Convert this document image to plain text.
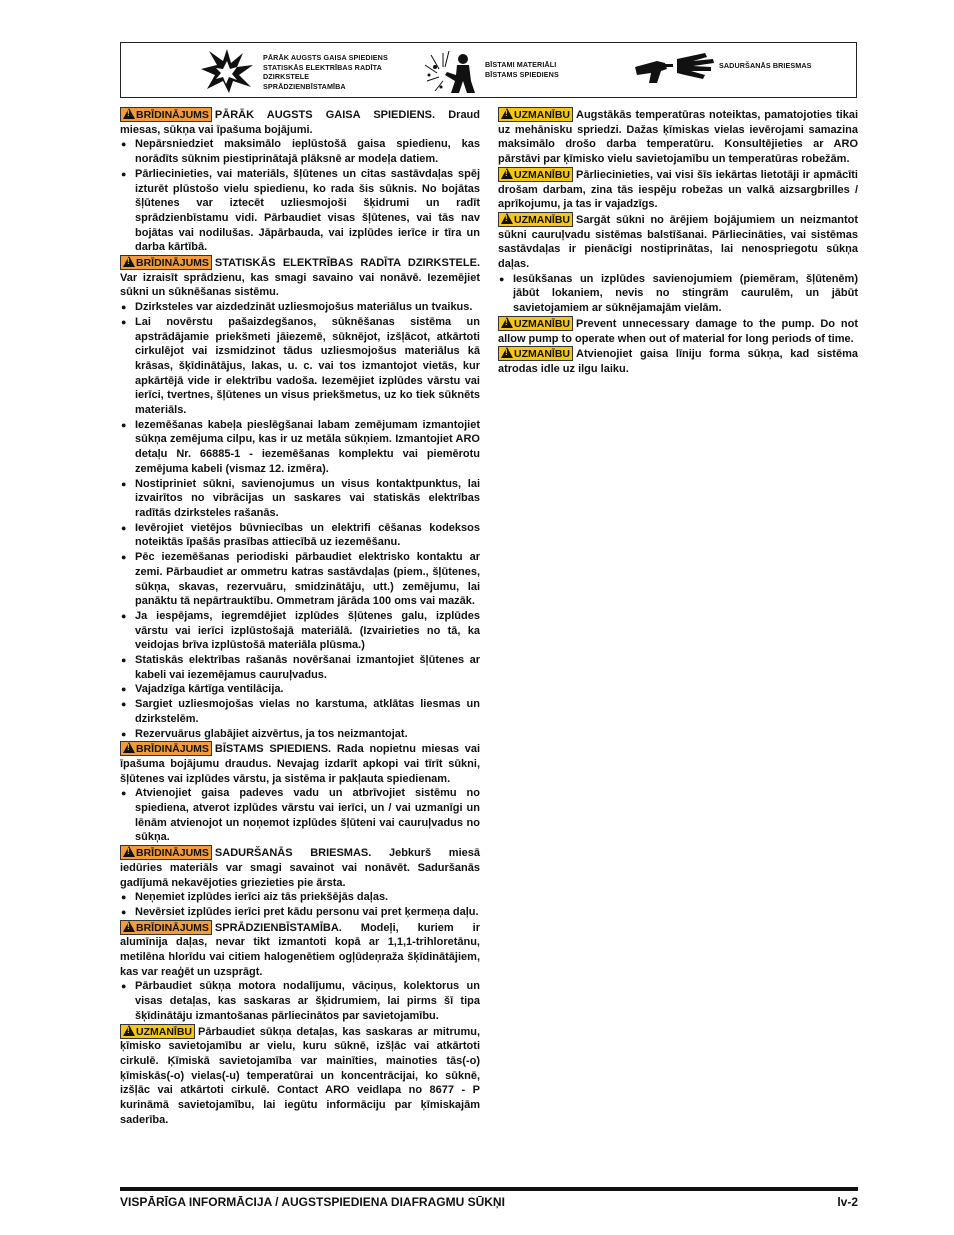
PĀRĀK AUGSTS GAISA SPIEDIENS
STATISKĀS ELEKTRĪBAS RADĪTA
DZIRKSTELE
SPRĀDZIENBĪSTAMĪBA
BĪSTAMI MATERIĀLI
BĪSTAMS SPIEDIENS
SADURŠANĀS BRIESMAS

!BRĪDINĀJUMS PĀRĀK AUGSTS GAISA SPIEDIENS. Draud miesas, sūkņa vai īpašuma bojājumi.

● Nepārsniedziet maksimālo ieplūstošā gaisa spiedienu, kas norādīts sūknim piestiprinātajā plāksnē ar modeļa datiem.
● Pārliecinieties, vai materiāls, šļūtenes un citas sastāvdaļas spēj izturēt plūstošo vielu spiedienu, ko rada šis sūknis. No bojātas šļūtenes var iztecēt uzliesmojoši šķidrumi un radīt sprādzienbīstamu vidi. Pārbaudiet visas šļūtenes, vai tās nav bojātas vai nodilušas. Jāpārbauda, vai izplūdes ierīce ir tīra un darba kārtībā.

!BRĪDINĀJUMS STATISKĀS ELEKTRĪBAS RADĪTA DZIRKSTELE. Var izraisīt sprādzienu, kas smagi savaino vai nonāvē. Iezemējiet sūkni un sūknēšanas sistēmu.

● Dzirksteles var aizdedzināt uzliesmojošus materiālus un tvaikus.
● Lai novērstu pašaizdegšanos, sūknēšanas sistēma un apstrādājamie priekšmeti jāiezemē, sūknējot, izšļācot, atkārtoti cirkulējot vai izsmidzinot tādus uzliesmojošus materiālus kā krāsas, šķīdinātājus, lakas, u. c. vai tos izmantojot vietās, kur apkārtējā vide ir elektrību vadoša. Iezemējiet izplūdes vārstu vai ierīci, tvertnes, šļūtenes un visus priekšmetus, uz ko tiek sūknēts materiāls.
● Iezemēšanas kabeļa pieslēgšanai labam zemējumam izmantojiet sūkņa zemējuma cilpu, kas ir uz metāla sūkņiem. Izmantojiet ARO detaļu Nr. 66885-1 - iezemēšanas komplektu vai piemērotu zemējuma kabeli (vismaz 12. izmēra).
● Nostipriniet sūkni, savienojumus un visus kontaktpunktus, lai izvairītos no vibrācijas un saskares vai statiskās elektrības radītās dzirksteles rašanās.
● Ievērojiet vietējos būvniecības un elektrifi cēšanas kodeksos noteiktās īpašās prasības attiecībā uz iezemēšanu.
● Pēc iezemēšanas periodiski pārbaudiet elektrisko kontaktu ar zemi. Pārbaudiet ar ommetru katras sastāvdaļas (piem., šļūtenes, sūkņa, skavas, rezervuāru, smidzinātāju, utt.) zemējumu, lai panāktu tā nepārtrauktību. Ommetram jārāda 100 oms vai mazāk.
● Ja iespējams, iegremdējiet izplūdes šļūtenes galu, izplūdes vārstu vai ierīci izplūstošajā materiālā. (Izvairieties no tā, ka veidojas brīva izplūstošā materiāla plūsma.)
● Statiskās elektrības rašanās novēršanai izmantojiet šļūtenes ar kabeli vai iezemējamus cauruļvadus.
● Vajadzīga kārtīga ventilācija.
● Sargiet uzliesmojošas vielas no karstuma, atklātas liesmas un dzirkstelēm.
● Rezervuārus glabājiet aizvērtus, ja tos neizmantojat.

!BRĪDINĀJUMS BĪSTAMS SPIEDIENS. Rada nopietnu miesas vai īpašuma bojājumu draudus. Nevajag izdarīt apkopi vai tīrīt sūkni, šļūtenes vai izplūdes vārstu, ja sistēma ir pakļauta spiedienam.

● Atvienojiet gaisa padeves vadu un atbrīvojiet sistēmu no spiediena, atverot izplūdes vārstu vai ierīci, un / vai uzmanīgi un lēnām atvienojot un noņemot izplūdes šļūteni vai cauruļvadus no sūkņa.

!BRĪDINĀJUMS SADURŠANĀS BRIESMAS. Jebkurš miesā iedūries materiāls var smagi savainot vai nonāvēt. Saduršanās gadījumā nekavējoties griezieties pie ārsta.

● Neņemiet izplūdes ierīci aiz tās priekšējās daļas.
● Nevērsiet izplūdes ierīci pret kādu personu vai pret ķermeņa daļu.

!BRĪDINĀJUMS SPRĀDZIENBĪSTAMĪBA. Modeļi, kuriem ir alumīnija daļas, nevar tikt izmantoti kopā ar 1,1,1-trihloretānu, metilēna hlorīdu vai citiem halogenētiem ogļūdeņraža šķīdinātājiem, kas var reaģēt un uzsprāgt.

● Pārbaudiet sūkņa motora nodalījumu, vāciņus, kolektorus un visas detaļas, kas saskaras ar šķidrumiem, lai pirms šī tipa šķīdinātāju izmantošanas pārliecinātos par savietojamību.

!UZMANĪBU Pārbaudiet sūkņa detaļas, kas saskaras ar mitrumu, ķīmisko savietojamību ar vielu, kuru sūknē, izšļāc vai atkārtoti cirkulē. Ķīmiskā savietojamība var mainīties, mainoties tās(-o) ķīmiskās(-o) vielas(-u) temperatūrai un koncentrācijai, ko sūknē, izšļāc vai atkārtoti cirkulē. Contact ARO veidlapa no 8677 - P kurināmā savietojamību, lai iegūtu informāciju par ķīmiskajām saderība.

!UZMANĪBU Augstākās temperatūras noteiktas, pamatojoties tikai uz mehānisku spriedzi. Dažas ķīmiskas vielas ievērojami samazina maksimālo drošo darba temperatūru. Konsultējieties ar ARO pārstāvi par ķīmisko vielu savietojamību un temperatūras robežām.

!UZMANĪBU Pārliecinieties, vai visi šīs iekārtas lietotāji ir apmācīti drošam darbam, zina tās iespēju robežas un valkā aizsargbrilles / aprīkojumu, ja tas ir vajadzīgs.

!UZMANĪBU Sargāt sūkni no ārējiem bojājumiem un neizmantot sūkni cauruļvadu sistēmas balstīšanai. Pārliecināties, vai sistēmas sastāvdaļas ir pienācīgi nostiprinātas, lai nenospriegotu sūkņa daļas.

● Iesūkšanas un izplūdes savienojumiem (piemēram, šļūtenēm) jābūt lokaniem, nevis no stingrām caurulēm, un jābūt savietojamiem ar sūknējamajām vielām.

!UZMANĪBU Prevent unnecessary damage to the pump. Do not allow pump to operate when out of material for long periods of time.

!UZMANĪBU Atvienojiet gaisa līniju forma sūkņa, kad sistēma atrodas idle uz ilgu laiku.

VISPĀRĪGA INFORMĀCIJA / AUGSTSPIEDIENA DIAFRAGMU SŪKŅI	lv-2
